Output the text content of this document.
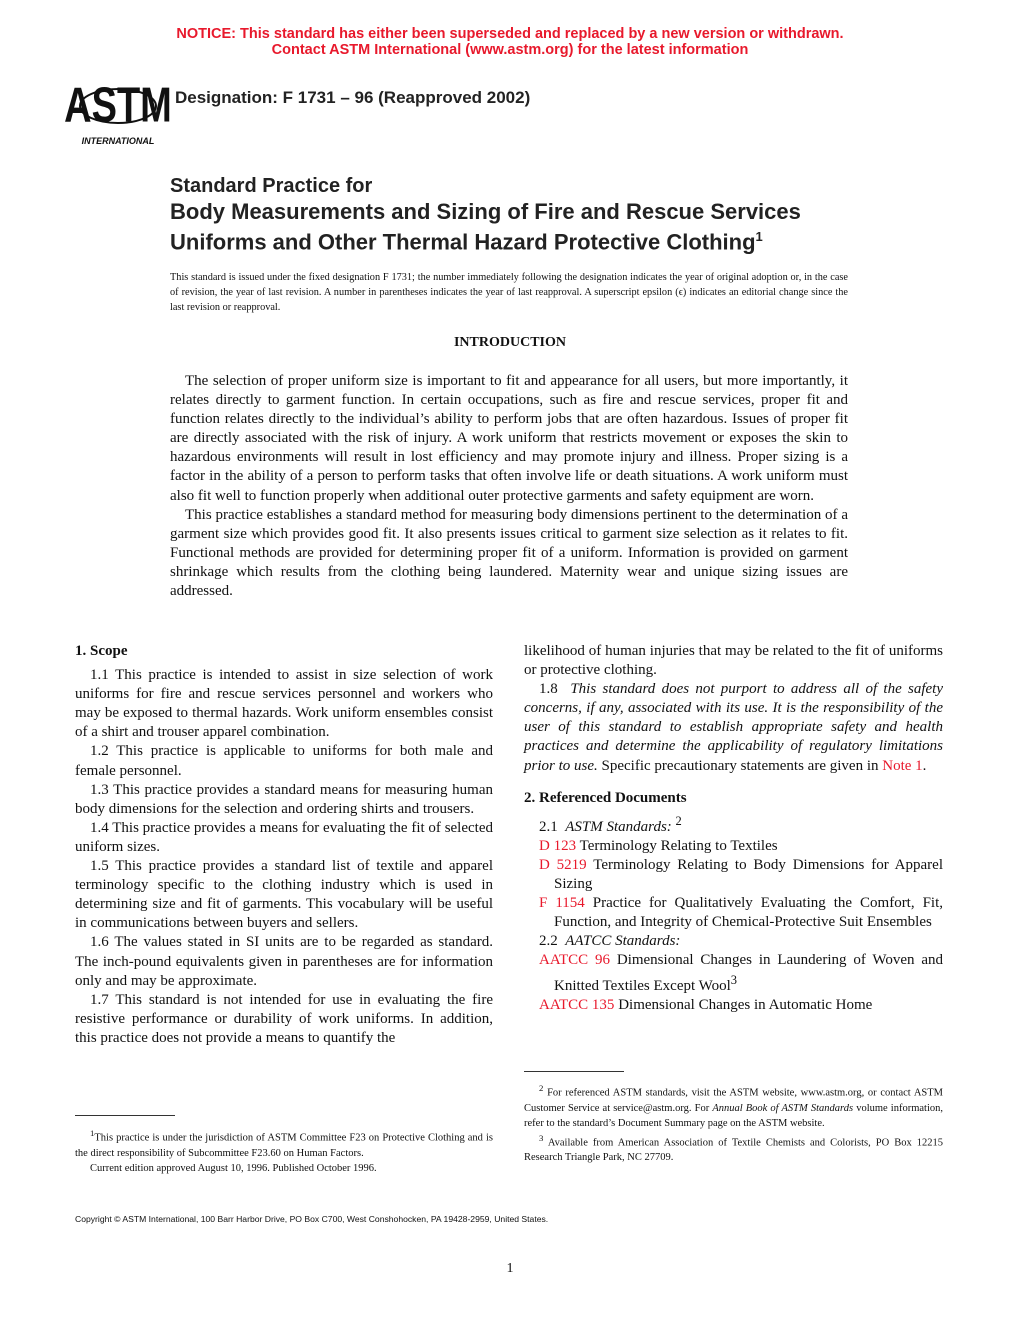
NOTICE: This standard has either been superseded and replaced by a new version or withdrawn.
Contact ASTM International (www.astm.org) for the latest information
ASTM
INTERNATIONAL
Designation: F 1731 – 96 (Reapproved 2002)
Standard Practice for
Body Measurements and Sizing of Fire and Rescue Services
Uniforms and Other Thermal Hazard Protective Clothing$^1$
This standard is issued under the fixed designation F 1731; the number immediately following the designation indicates the year of original adoption or, in the case of revision, the year of last revision. A number in parentheses indicates the year of last reapproval. A superscript epsilon (ϵ) indicates an editorial change since the last revision or reapproval.
INTRODUCTION

The selection of proper uniform size is important to fit and appearance for all users, but more importantly, it relates directly to garment function. In certain occupations, such as fire and rescue services, proper fit and function relates directly to the individual’s ability to perform jobs that are often hazardous. Issues of proper fit are directly associated with the risk of injury. A work uniform that restricts movement or exposes the skin to hazardous environments will result in lost efficiency and may promote injury and illness. Proper sizing is a factor in the ability of a person to perform tasks that often involve life or death situations. A work uniform must also fit well to function properly when additional outer protective garments and safety equipment are worn.

This practice establishes a standard method for measuring body dimensions pertinent to the determination of a garment size which provides good fit. It also presents issues critical to garment size selection as it relates to fit. Functional methods are provided for determining proper fit of a uniform. Information is provided on garment shrinkage which results from the clothing being laundered. Maternity wear and unique sizing issues are addressed.

1. Scope

1.1 This practice is intended to assist in size selection of work uniforms for fire and rescue services personnel and workers who may be exposed to thermal hazards. Work uniform ensembles consist of a shirt and trouser apparel combination.

1.2 This practice is applicable to uniforms for both male and female personnel.

1.3 This practice provides a standard means for measuring human body dimensions for the selection and ordering shirts and trousers.

1.4 This practice provides a means for evaluating the fit of selected uniform sizes.

1.5 This practice provides a standard list of textile and apparel terminology specific to the clothing industry which is used in determining size and fit of garments. This vocabulary will be useful in communications between buyers and sellers.

1.6 The values stated in SI units are to be regarded as standard. The inch-pound equivalents given in parentheses are for information only and may be approximate.

1.7 This standard is not intended for use in evaluating the fire resistive performance or durability of work uniforms. In addition, this practice does not provide a means to quantify the

likelihood of human injuries that may be related to the fit of uniforms or protective clothing.

1.8 This standard does not purport to address all of the safety concerns, if any, associated with its use. It is the responsibility of the user of this standard to establish appropriate safety and health practices and determine the applicability of regulatory limitations prior to use. Specific precautionary statements are given in Note 1.

2. Referenced Documents

2.1 ASTM Standards: $^2$

D 123 Terminology Relating to Textiles

D 5219 Terminology Relating to Body Dimensions for Apparel Sizing

F 1154 Practice for Qualitatively Evaluating the Comfort, Fit, Function, and Integrity of Chemical-Protective Suit Ensembles

2.2 AATCC Standards:

AATCC 96 Dimensional Changes in Laundering of Woven and Knitted Textiles Except Wool$^3$

AATCC 135 Dimensional Changes in Automatic Home

$^1$This practice is under the jurisdiction of ASTM Committee F23 on Protective Clothing and is the direct responsibility of Subcommittee F23.60 on Human Factors.

Current edition approved August 10, 1996. Published October 1996.

$^2$ For referenced ASTM standards, visit the ASTM website, www.astm.org, or contact ASTM Customer Service at service@astm.org. For Annual Book of ASTM Standards volume information, refer to the standard’s Document Summary page on the ASTM website.

$^3$ Available from American Association of Textile Chemists and Colorists, PO Box 12215 Research Triangle Park, NC 27709.

Copyright © ASTM International, 100 Barr Harbor Drive, PO Box C700, West Conshohocken, PA 19428-2959, United States.
1
